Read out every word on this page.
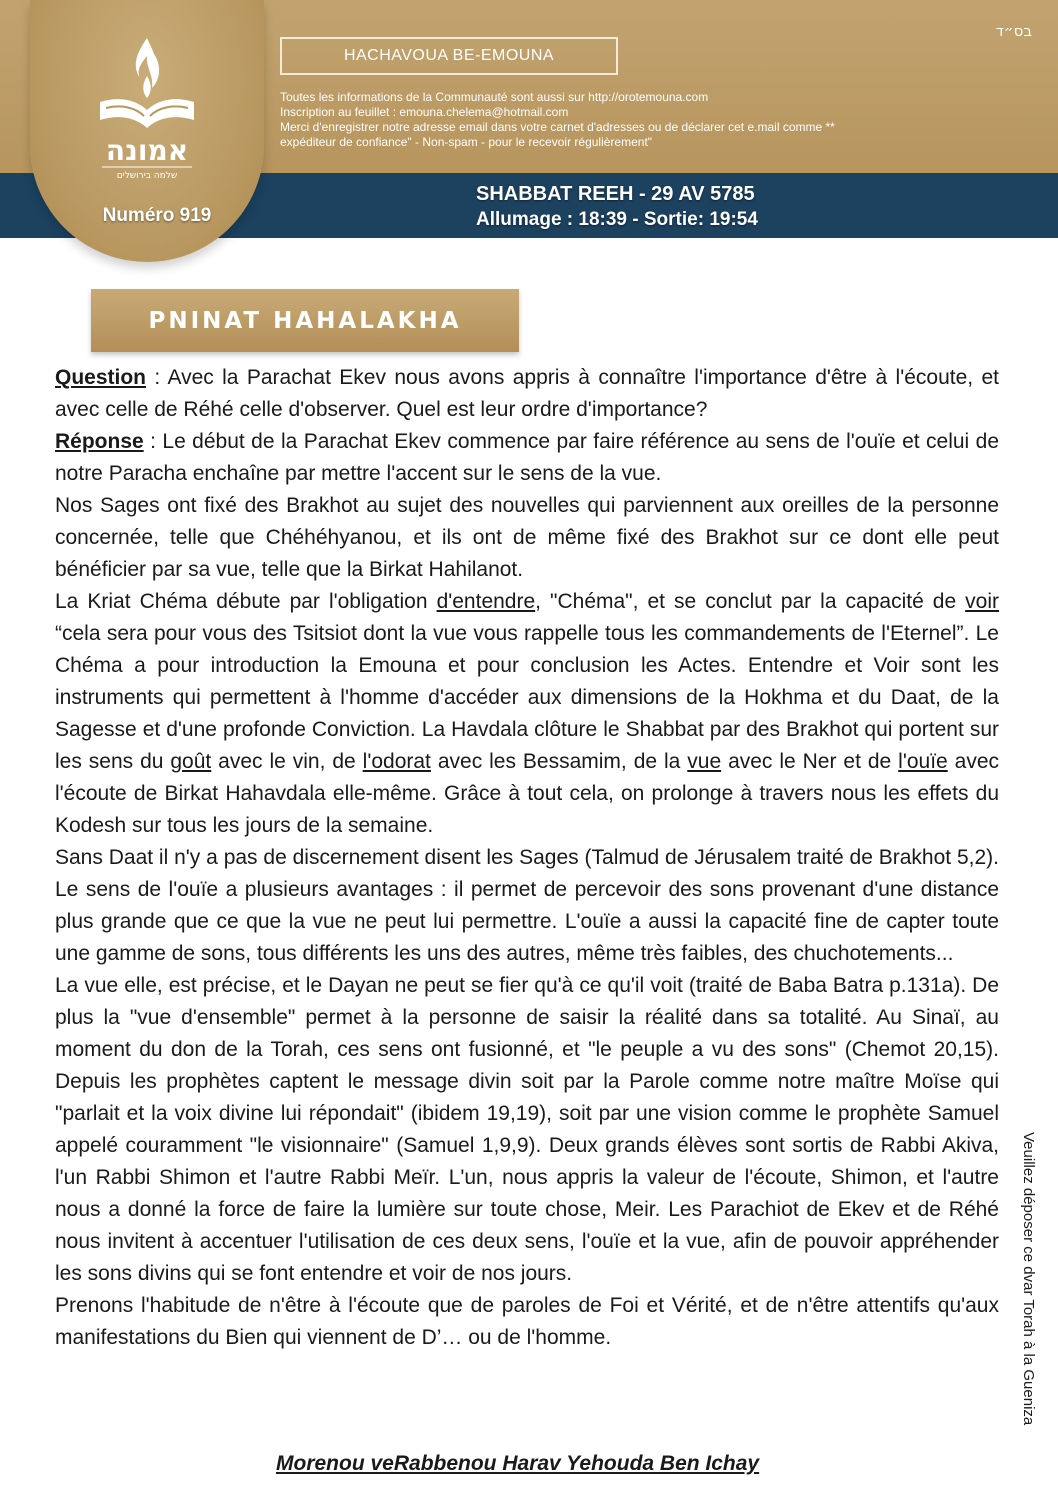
אמונה
שלמה בירושלים
Numéro 919
בס״ד
HACHAVOUA BE-EMOUNA
Toutes les informations de la Communauté sont aussi sur http://orotemouna.com
Inscription au feuillet : emouna.chelema@hotmail.com
Merci d'enregistrer notre adresse email dans votre carnet d'adresses ou de déclarer cet e.mail comme **
expéditeur de confiance" - Non-spam - pour le recevoir régulièrement"
SHABBAT REEH - 29 AV 5785
Allumage : 18:39 - Sortie: 19:54
PNINAT HAHALAKHA

Question : Avec la Parachat Ekev nous avons appris à connaître l'importance d'être à l'écoute, et avec celle de Réhé celle d'observer. Quel est leur ordre d'importance?

Réponse : Le début de la Parachat Ekev commence par faire référence au sens de l'ouïe et celui de notre Paracha enchaîne par mettre l'accent sur le sens de la vue.

Nos Sages ont fixé des Brakhot au sujet des nouvelles qui parviennent aux oreilles de la personne concernée, telle que Chéhéhyanou, et ils ont de même fixé des Brakhot sur ce dont elle peut bénéficier par sa vue, telle que la Birkat Hahilanot.

La Kriat Chéma débute par l'obligation d'entendre, "Chéma", et se conclut par la capacité de voir “cela sera pour vous des Tsitsiot dont la vue vous rappelle tous les commandements de l'Eternel”. Le Chéma a pour introduction la Emouna et pour conclusion les Actes. Entendre et Voir sont les instruments qui permettent à l'homme d'accéder aux dimensions de la Hokhma et du Daat, de la Sagesse et d'une profonde Conviction. La Havdala clôture le Shabbat par des Brakhot qui portent sur les sens du goût avec le vin, de l'odorat avec les Bessamim, de la vue avec le Ner et de l'ouïe avec l'écoute de Birkat Hahavdala elle-même. Grâce à tout cela, on prolonge à travers nous les effets du Kodesh sur tous les jours de la semaine.

Sans Daat il n'y a pas de discernement disent les Sages (Talmud de Jérusalem traité de Brakhot 5,2). Le sens de l'ouïe a plusieurs avantages : il permet de percevoir des sons provenant d'une distance plus grande que ce que la vue ne peut lui permettre. L'ouïe a aussi la capacité fine de capter toute une gamme de sons, tous différents les uns des autres, même très faibles, des chuchotements...

La vue elle, est précise, et le Dayan ne peut se fier qu'à ce qu'il voit (traité de Baba Batra p.131a). De plus la "vue d'ensemble" permet à la personne de saisir la réalité dans sa totalité. Au Sinaï, au moment du don de la Torah, ces sens ont fusionné, et "le peuple a vu des sons" (Chemot 20,15). Depuis les prophètes captent le message divin soit par la Parole comme notre maître Moïse qui "parlait et la voix divine lui répondait" (ibidem 19,19), soit par une vision comme le prophète Samuel appelé couramment "le visionnaire" (Samuel 1,9,9). Deux grands élèves sont sortis de Rabbi Akiva, l'un Rabbi Shimon et l'autre Rabbi Meïr. L'un, nous appris la valeur de l'écoute, Shimon, et l'autre nous a donné la force de faire la lumière sur toute chose, Meir. Les Parachiot de Ekev et de Réhé nous invitent à accentuer l'utilisation de ces deux sens, l'ouïe et la vue, afin de pouvoir appréhender les sons divins qui se font entendre et voir de nos jours.

Prenons l'habitude de n'être à l'écoute que de paroles de Foi et Vérité, et de n'être attentifs qu'aux manifestations du Bien qui viennent de D’… ou de l'homme.

Morenou veRabbenou Harav Yehouda Ben Ichay
Veuillez déposer ce dvar Torah à la Guenizа
